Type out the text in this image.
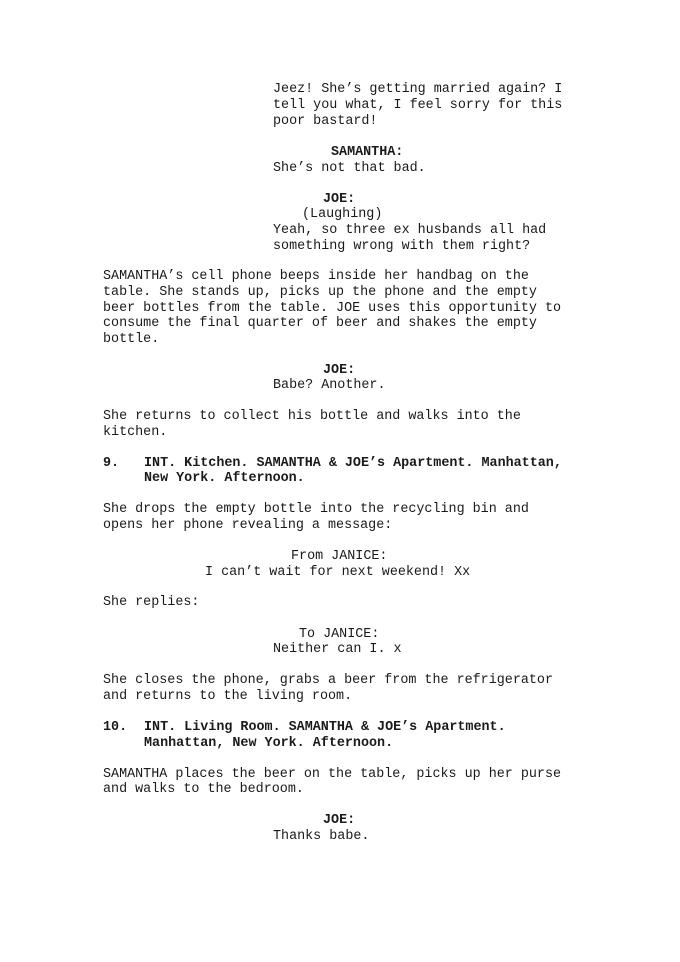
Jeez! She’s getting married again? I

tell you what, I feel sorry for this

poor bastard!

SAMANTHA:

She’s not that bad.

JOE:

(Laughing)

Yeah, so three ex husbands all had

something wrong with them right?

SAMANTHA’s cell phone beeps inside her handbag on the

table. She stands up, picks up the phone and the empty

beer bottles from the table. JOE uses this opportunity to

consume the final quarter of beer and shakes the empty

bottle.

JOE:

Babe? Another.

She returns to collect his bottle and walks into the

kitchen.

9. INT. Kitchen. SAMANTHA & JOE’s Apartment. Manhattan,

New York. Afternoon.

She drops the empty bottle into the recycling bin and

opens her phone revealing a message:

From JANICE:

I can’t wait for next weekend! Xx

She replies:

To JANICE:

Neither can I. x

She closes the phone, grabs a beer from the refrigerator

and returns to the living room.

10. INT. Living Room. SAMANTHA & JOE’s Apartment.

Manhattan, New York. Afternoon.

SAMANTHA places the beer on the table, picks up her purse

and walks to the bedroom.

JOE:

Thanks babe.
